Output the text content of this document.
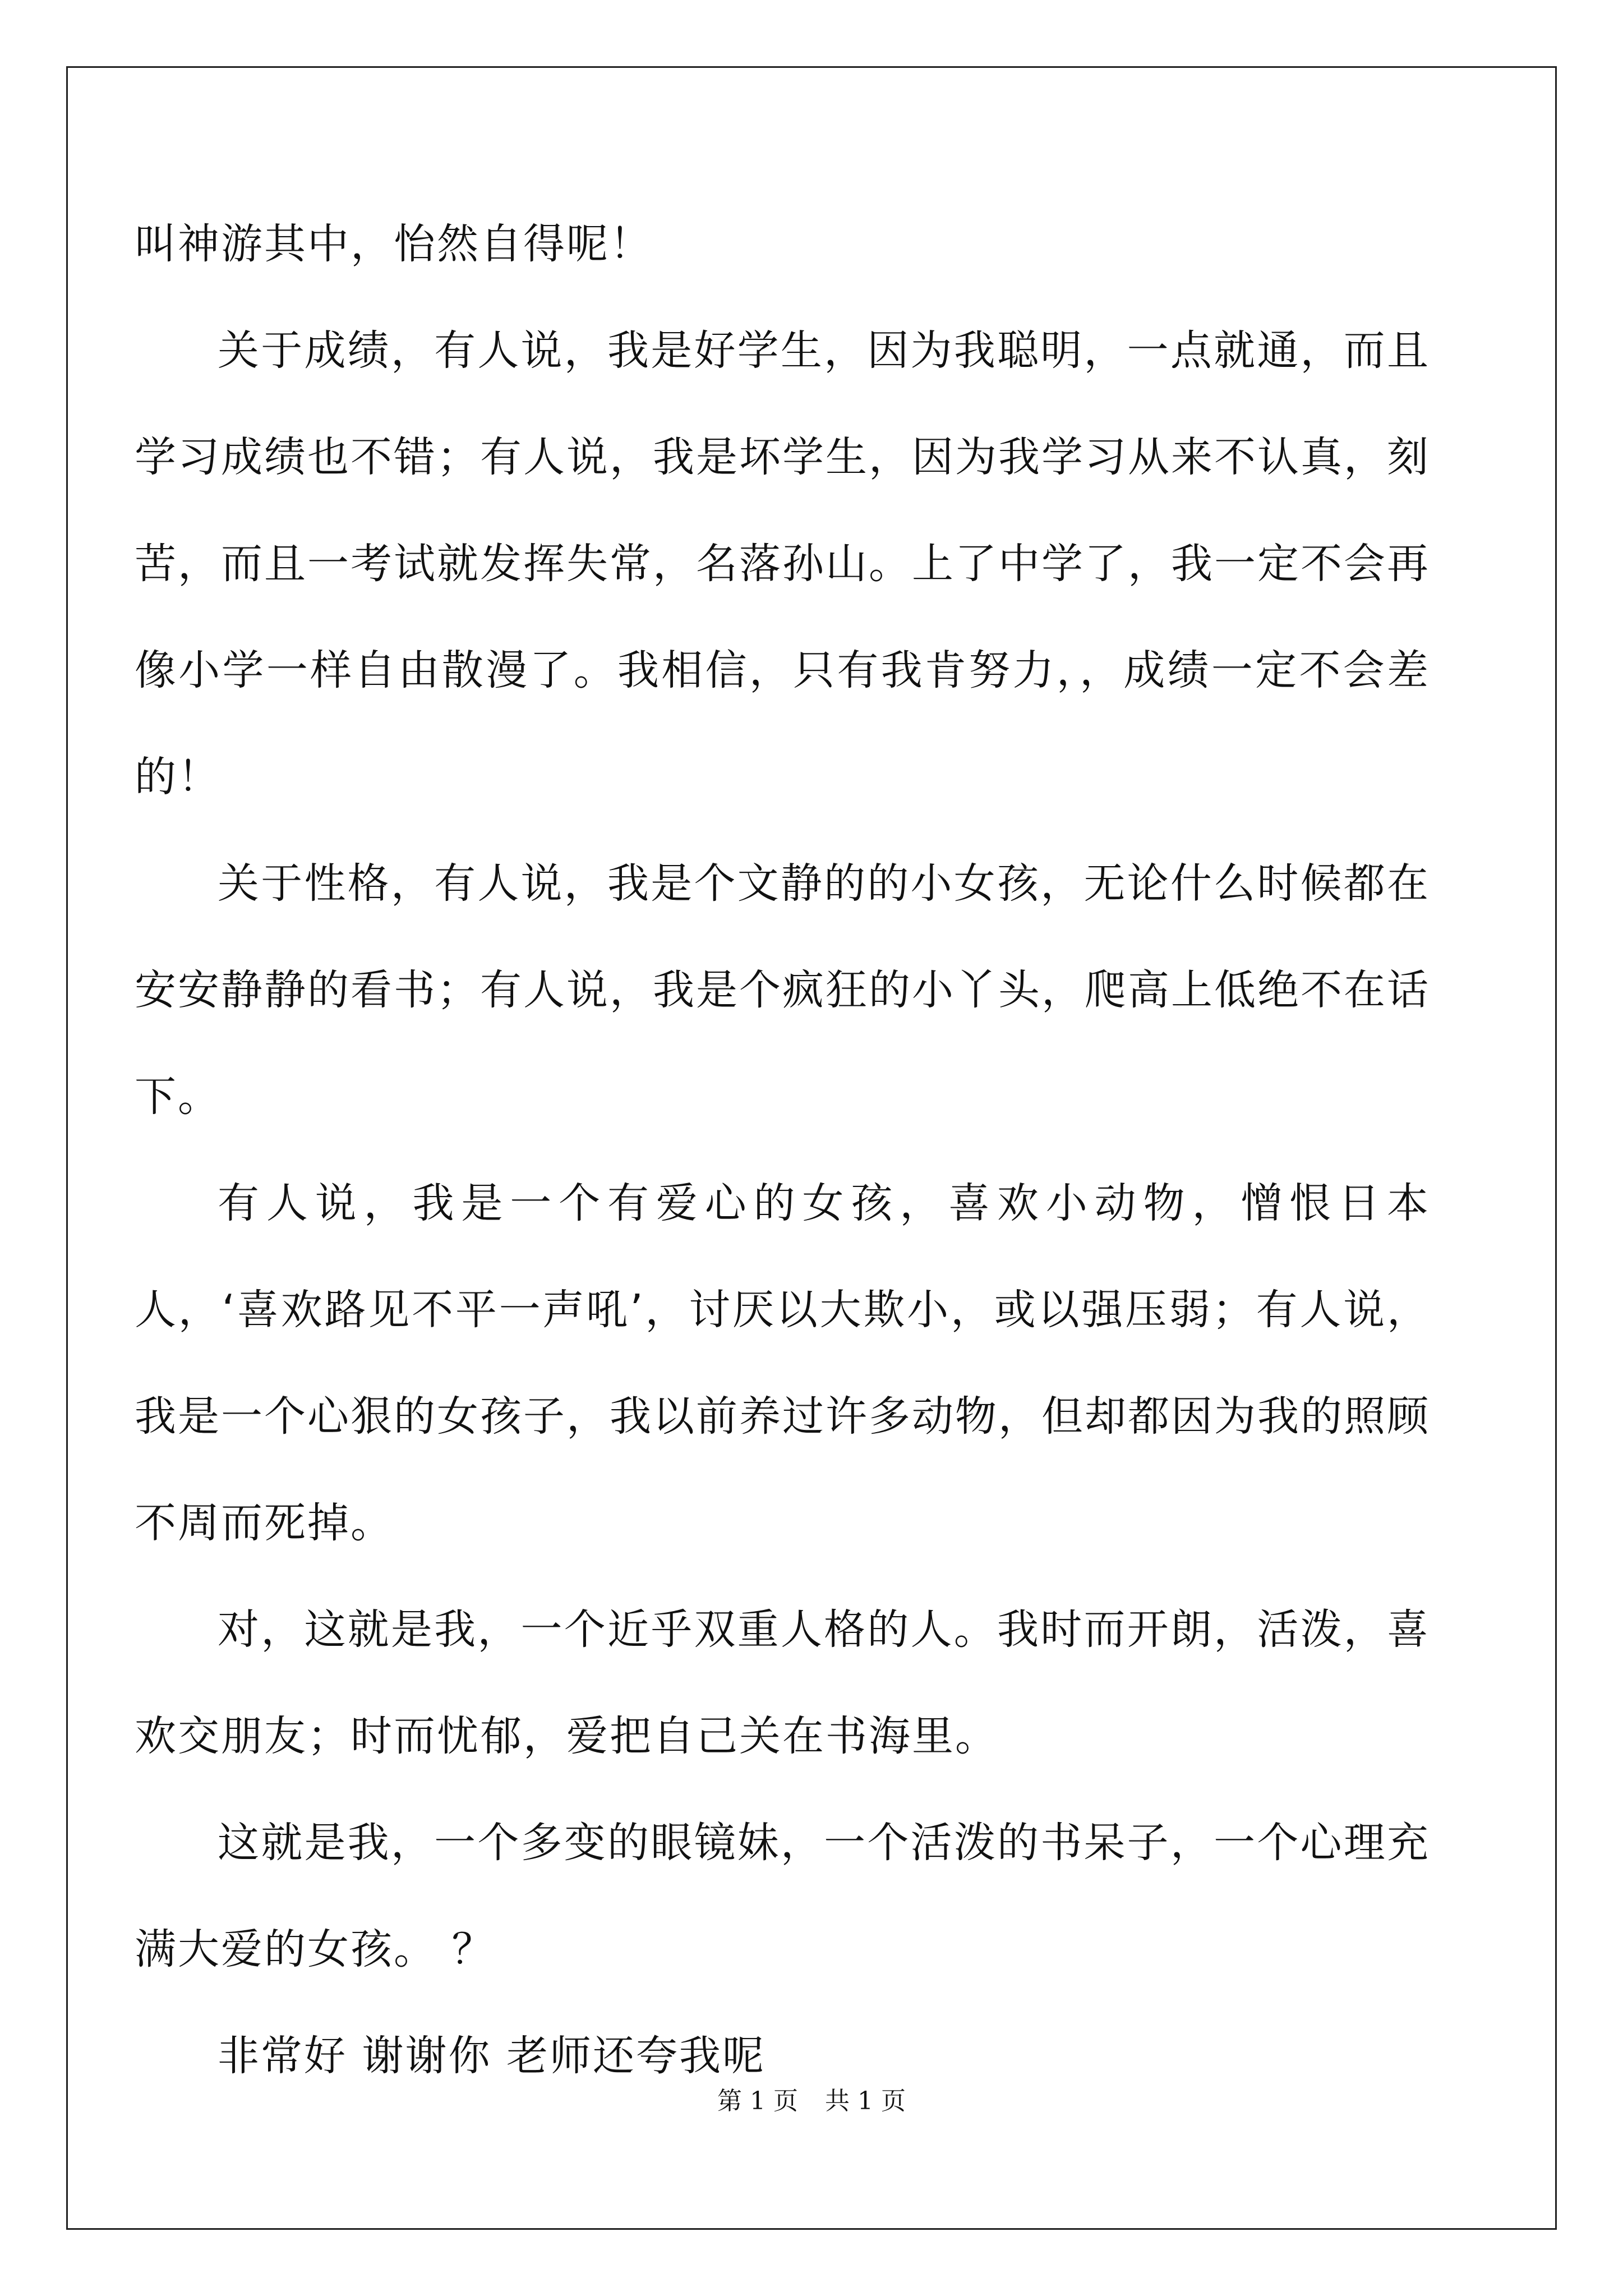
叫神游其中，怡然自得呢！

关于成绩，有人说，我是好学生，因为我聪明，一点就通，而且学习成绩也不错；有人说，我是坏学生，因为我学习从来不认真，刻苦，而且一考试就发挥失常，名落孙山。上了中学了，我一定不会再像小学一样自由散漫了。我相信，只有我肯努力，，成绩一定不会差的！

关于性格，有人说，我是个文静的的小女孩，无论什么时候都在安安静静的看书；有人说，我是个疯狂的小丫头，爬高上低绝不在话下。

有人说，我是一个有爱心的女孩，喜欢小动物，憎恨日本人，‘喜欢路见不平一声吼’，讨厌以大欺小，或以强压弱；有人说，我是一个心狠的女孩子，我以前养过许多动物，但却都因为我的照顾不周而死掉。

对，这就是我，一个近乎双重人格的人。我时而开朗，活泼，喜欢交朋友；时而忧郁，爱把自己关在书海里。

这就是我，一个多变的眼镜妹，一个活泼的书呆子，一个心理充满大爱的女孩。 ？

非常好 谢谢你 老师还夸我呢

第 1 页 共 1 页
